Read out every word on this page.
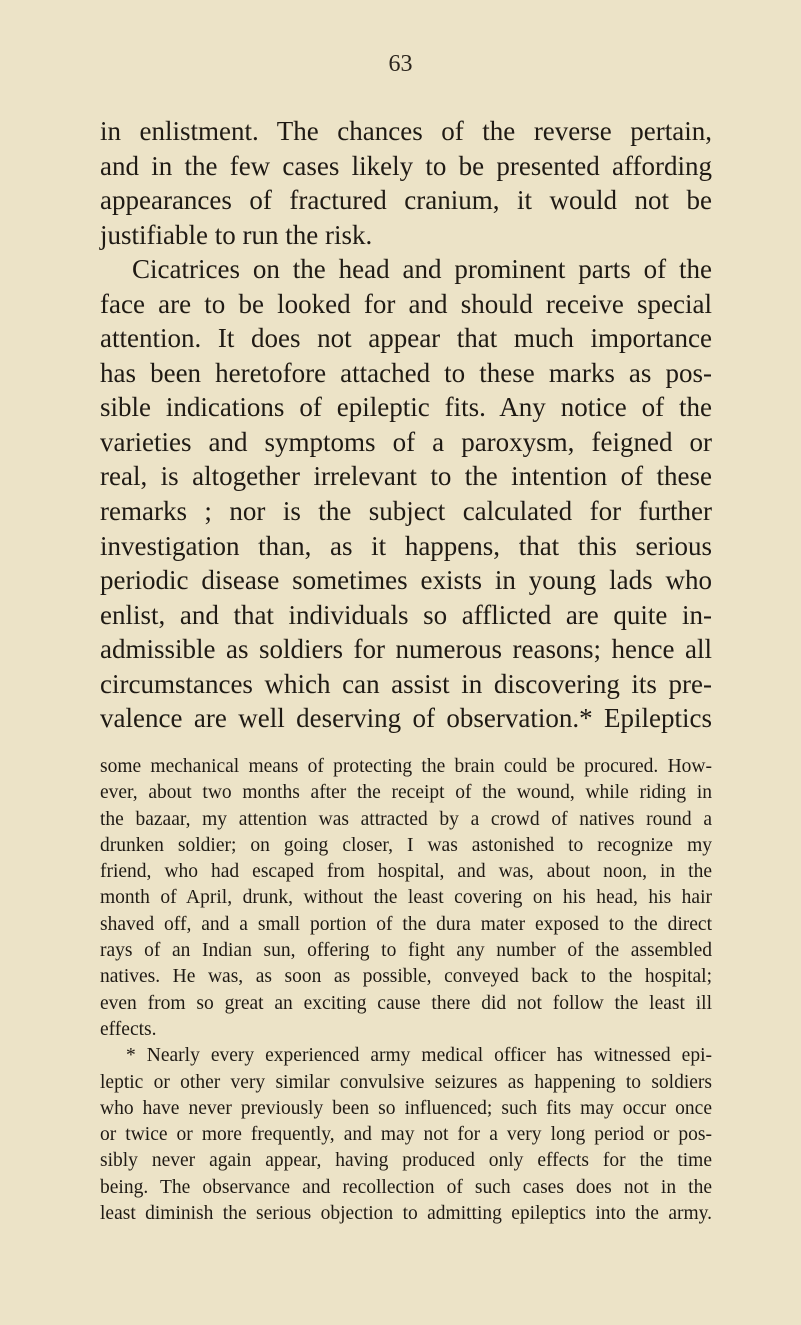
63
in enlistment. The chances of the reverse pertain,
and in the few cases likely to be presented affording
appearances of fractured cranium, it would not be
justifiable to run the risk.
Cicatrices on the head and prominent parts of the
face are to be looked for and should receive special
attention. It does not appear that much importance
has been heretofore attached to these marks as pos-
sible indications of epileptic fits. Any notice of the
varieties and symptoms of a paroxysm, feigned or
real, is altogether irrelevant to the intention of these
remarks ; nor is the subject calculated for further
investigation than, as it happens, that this serious
periodic disease sometimes exists in young lads who
enlist, and that individuals so afflicted are quite in-
admissible as soldiers for numerous reasons; hence all
circumstances which can assist in discovering its pre-
valence are well deserving of observation.* Epileptics
some mechanical means of protecting the brain could be procured. How-
ever, about two months after the receipt of the wound, while riding in
the bazaar, my attention was attracted by a crowd of natives round a
drunken soldier; on going closer, I was astonished to recognize my
friend, who had escaped from hospital, and was, about noon, in the
month of April, drunk, without the least covering on his head, his hair
shaved off, and a small portion of the dura mater exposed to the direct
rays of an Indian sun, offering to fight any number of the assembled
natives. He was, as soon as possible, conveyed back to the hospital;
even from so great an exciting cause there did not follow the least ill
effects.
* Nearly every experienced army medical officer has witnessed epi-
leptic or other very similar convulsive seizures as happening to soldiers
who have never previously been so influenced; such fits may occur once
or twice or more frequently, and may not for a very long period or pos-
sibly never again appear, having produced only effects for the time
being. The observance and recollection of such cases does not in the
least diminish the serious objection to admitting epileptics into the army.
